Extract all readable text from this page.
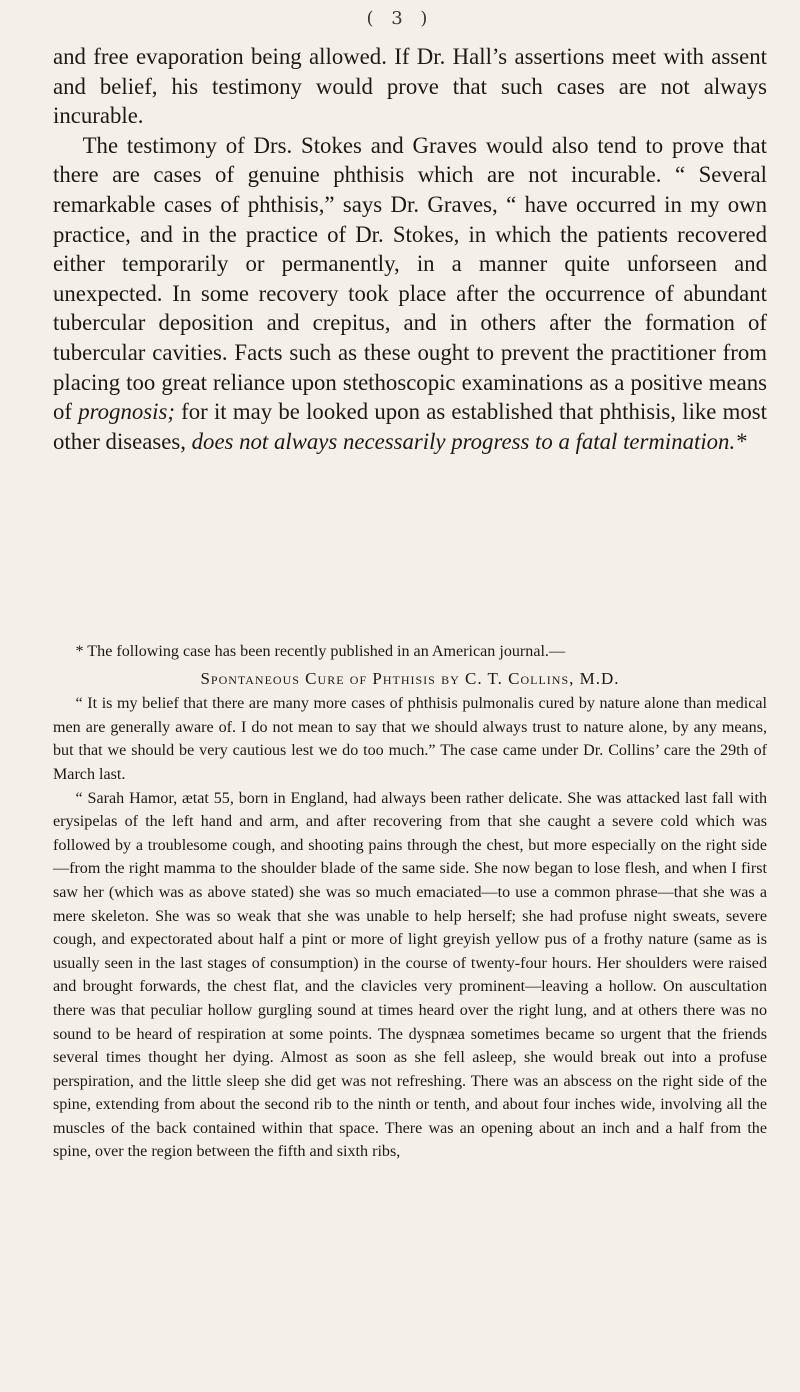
( 3 )

and free evaporation being allowed. If Dr. Hall’s assertions meet with assent and belief, his testimony would prove that such cases are not always incurable.

The testimony of Drs. Stokes and Graves would also tend to prove that there are cases of genuine phthisis which are not incurable. “ Several remarkable cases of phthisis,” says Dr. Graves, “ have occurred in my own practice, and in the practice of Dr. Stokes, in which the patients recovered either temporarily or permanently, in a manner quite unforseen and unexpected. In some recovery took place after the occurrence of abundant tubercular deposition and crepitus, and in others after the formation of tubercular cavities. Facts such as these ought to prevent the practitioner from placing too great reliance upon stethoscopic examinations as a positive means of prognosis; for it may be looked upon as established that phthisis, like most other diseases, does not always necessarily progress to a fatal termination.*

* The following case has been recently published in an American journal.—

Spontaneous Cure of Phthisis by C. T. Collins, M.D.

“ It is my belief that there are many more cases of phthisis pulmonalis cured by nature alone than medical men are generally aware of. I do not mean to say that we should always trust to nature alone, by any means, but that we should be very cautious lest we do too much.” The case came under Dr. Collins’ care the 29th of March last.

“ Sarah Hamor, ætat 55, born in England, had always been rather delicate. She was attacked last fall with erysipelas of the left hand and arm, and after recovering from that she caught a severe cold which was followed by a troublesome cough, and shooting pains through the chest, but more especially on the right side—from the right mamma to the shoulder blade of the same side. She now began to lose flesh, and when I first saw her (which was as above stated) she was so much emaciated—to use a common phrase—that she was a mere skeleton. She was so weak that she was unable to help herself; she had profuse night sweats, severe cough, and expectorated about half a pint or more of light greyish yellow pus of a frothy nature (same as is usually seen in the last stages of consumption) in the course of twenty-four hours. Her shoulders were raised and brought forwards, the chest flat, and the clavicles very prominent—leaving a hollow. On auscultation there was that peculiar hollow gurgling sound at times heard over the right lung, and at others there was no sound to be heard of respiration at some points. The dyspnæa sometimes became so urgent that the friends several times thought her dying. Almost as soon as she fell asleep, she would break out into a profuse perspiration, and the little sleep she did get was not refreshing. There was an abscess on the right side of the spine, extending from about the second rib to the ninth or tenth, and about four inches wide, involving all the muscles of the back contained within that space. There was an opening about an inch and a half from the spine, over the region between the fifth and sixth ribs,
